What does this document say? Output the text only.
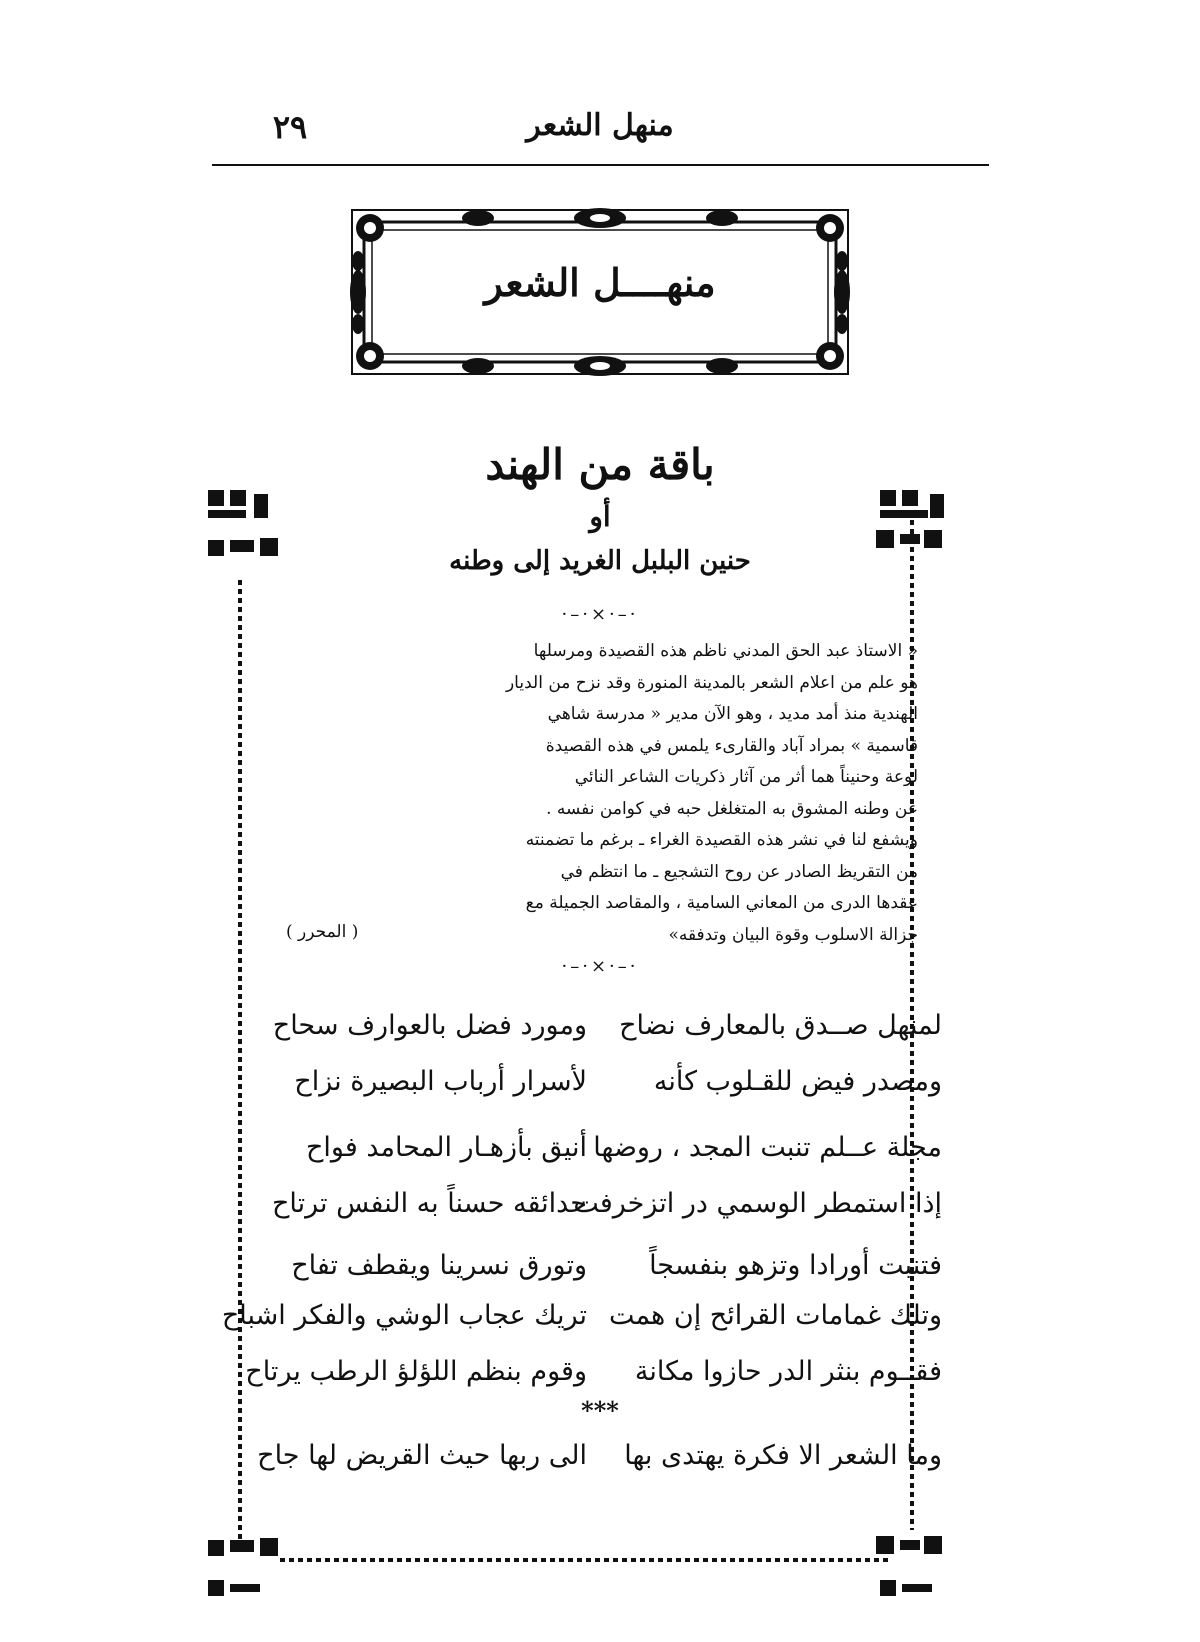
منهل الشعر
٢٩
منهــــل الشعر
باقة من الهند
أو
حنين البلبل الغريد إلى وطنه
·–·×·–·
« الاستاذ عبد الحق المدني ناظم هذه القصيدة ومرسلها
هو علم من اعلام الشعر بالمدينة المنورة وقد نزح من الديار
الهندية منذ أمد مديد ، وهو الآن مدير « مدرسة شاهي
قاسمية » بمراد آباد والقارىء يلمس في هذه القصيدة
لوعة وحنيناً هما أثر من آثار ذكريات الشاعر النائي
عن وطنه المشوق به المتغلغل حبه في كوامن نفسه .
ويشفع لنا في نشر هذه القصيدة الغراء ـ برغم ما تضمنته
من التقريظ الصادر عن روح التشجيع ـ ما انتظم في
عقدها الدرى من المعاني السامية ، والمقاصد الجميلة مع
جزالة الاسلوب وقوة البيان وتدفقه»
( المحرر )
·–·×·–·
لمنهل صــدق بالمعارف نضاح
ومورد فضل بالعوارف سحاح
ومصدر فيض للقـلوب كأنه
لأسرار أرباب البصيرة نزاح
مجلة عــلم تنبت المجد ، روضها
أنيق بأزهـار المحامد فواح
إذا استمطر الوسمي در اتزخرفت
حدائقه حسناً به النفس ترتاح
فتنبت أورادا وتزهو بنفسجاً
وتورق نسرينا ويقطف تفاح
وتلك غمامات القرائح إن همت
تريك عجاب الوشي والفكر اشباح
فقــوم بنثر الدر حازوا مكانة
وقوم بنظم اللؤلؤ الرطب يرتاح
***
وما الشعر الا فكرة يهتدى بها
الى ربها حيث القريض لها جاح
